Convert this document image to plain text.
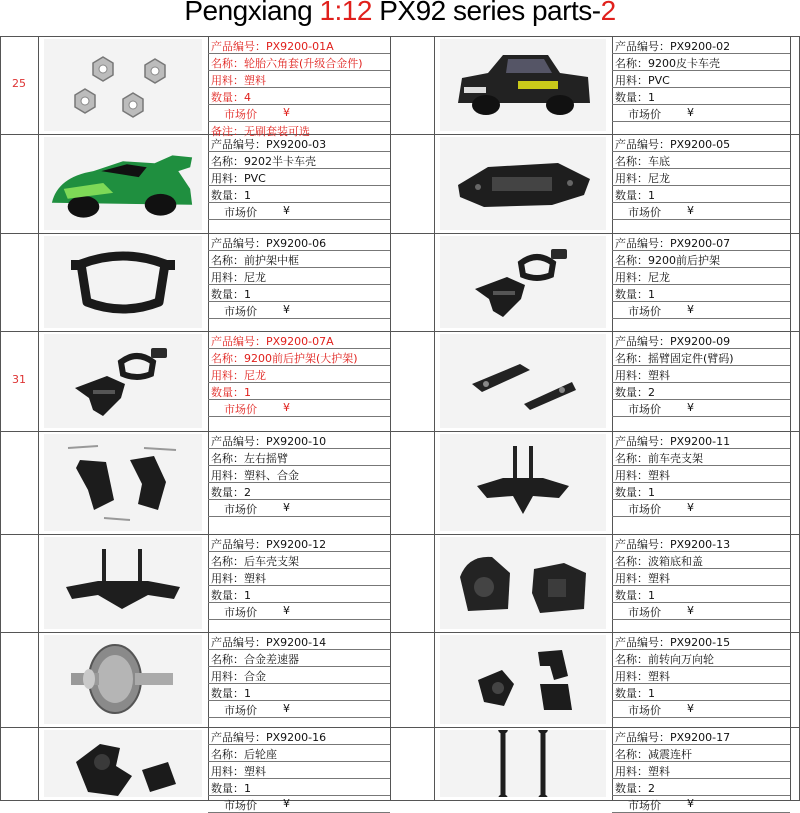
Pengxiang 1:12 PX92 series parts-2
25
产品编号：PX9200-01A
名称：轮胎六角套(升级合金件)
用料：塑料
数量：4
市场价 ¥
备注：无刷套装可选
产品编号：PX9200-02
名称：9200皮卡车壳
用料：PVC
数量：1
市场价 ¥
产品编号：PX9200-03
名称：9202半卡车壳
用料：PVC
数量：1
市场价 ¥
产品编号：PX9200-05
名称：车底
用料：尼龙
数量：1
市场价 ¥
产品编号：PX9200-06
名称：前护架中框
用料：尼龙
数量：1
市场价 ¥
产品编号：PX9200-07
名称：9200前后护架
用料：尼龙
数量：1
市场价 ¥
31
产品编号：PX9200-07A
名称：9200前后护架(大护架)
用料：尼龙
数量：1
市场价 ¥
产品编号：PX9200-09
名称：摇臂固定件(臂码)
用料：塑料
数量：2
市场价 ¥
产品编号：PX9200-10
名称：左右摇臂
用料：塑料、合金
数量：2
市场价 ¥
产品编号：PX9200-11
名称：前车壳支架
用料：塑料
数量：1
市场价 ¥
产品编号：PX9200-12
名称：后车壳支架
用料：塑料
数量：1
市场价 ¥
产品编号：PX9200-13
名称：波箱底和盖
用料：塑料
数量：1
市场价 ¥
产品编号：PX9200-14
名称：合金差速器
用料：合金
数量：1
市场价 ¥
产品编号：PX9200-15
名称：前转向万向轮
用料：塑料
数量：1
市场价 ¥
产品编号：PX9200-16
名称：后轮座
用料：塑料
数量：1
市场价 ¥
产品编号：PX9200-17
名称：减震连杆
用料：塑料
数量：2
市场价 ¥
